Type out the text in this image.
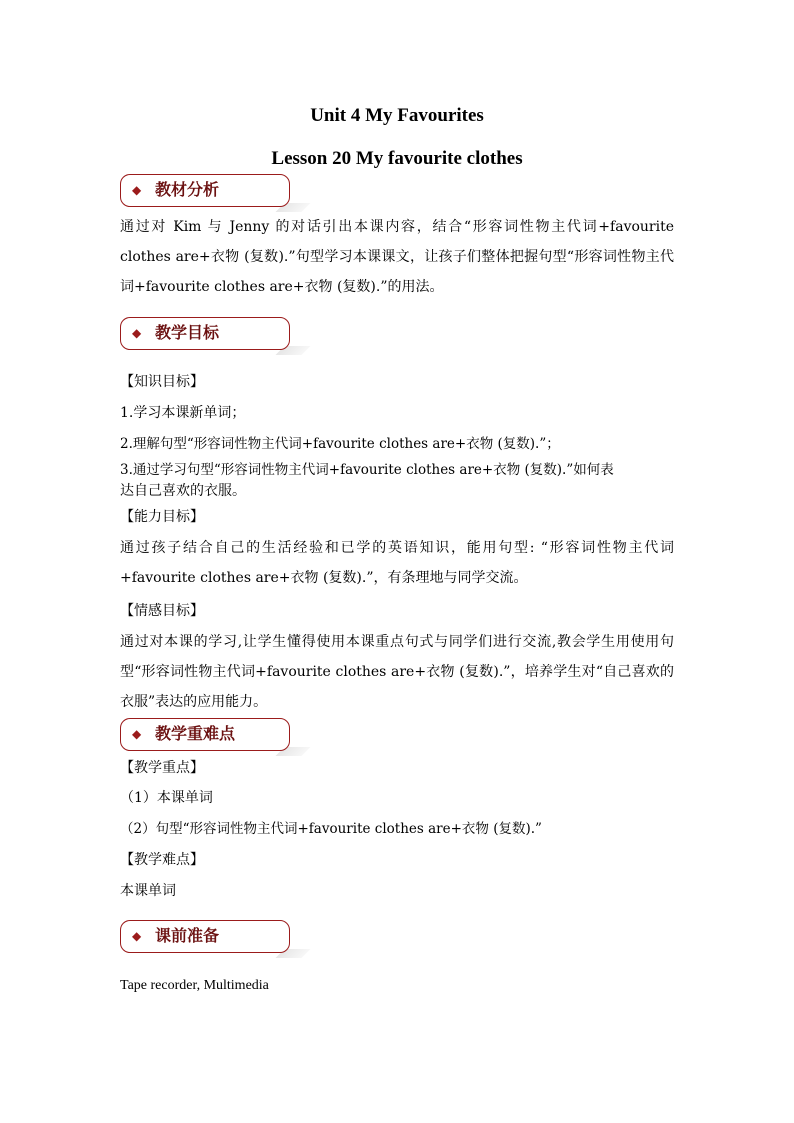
Unit 4 My Favourites
Lesson 20 My favourite clothes
◆ 教材分析
通过对 Kim 与 Jenny 的对话引出本课内容，结合“形容词性物主代词+favourite clothes are+衣物 (复数).”句型学习本课课文，让孩子们整体把握句型“形容词性物主代词+favourite clothes are+衣物 (复数).”的用法。
◆ 教学目标
【知识目标】
1.学习本课新单词；
2.理解句型“形容词性物主代词+favourite clothes are+衣物 (复数).”；
3.通过学习句型“形容词性物主代词+favourite clothes are+衣物 (复数).”如何表
达自己喜欢的衣服。
【能力目标】
通过孩子结合自己的生活经验和已学的英语知识，能用句型: “形容词性物主代词+favourite clothes are+衣物 (复数).”，有条理地与同学交流。
【情感目标】
通过对本课的学习,让学生懂得使用本课重点句式与同学们进行交流,教会学生用使用句型“形容词性物主代词+favourite clothes are+衣物 (复数).”，培养学生对“自己喜欢的衣服”表达的应用能力。
◆ 教学重难点
【教学重点】
（1）本课单词
（2）句型“形容词性物主代词+favourite clothes are+衣物 (复数).”
【教学难点】
本课单词
◆ 课前准备
Tape recorder, Multimedia
